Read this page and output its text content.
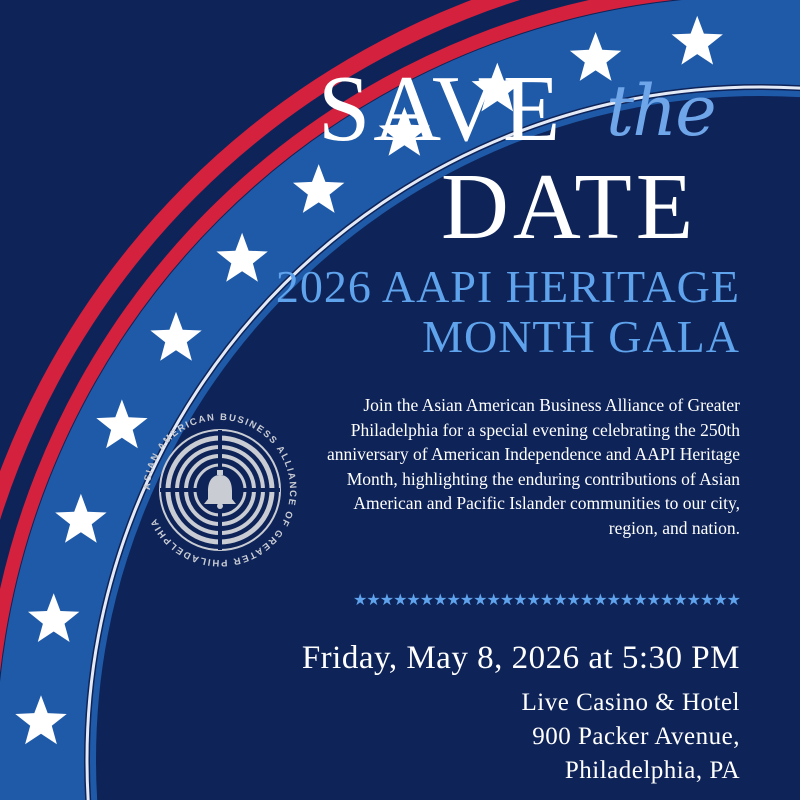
SAVE the
DATE
2026 AAPI HERITAGE
MONTH GALA
ASIAN AMERICAN BUSINESS ALLIANCE OF GREATER PHILADELPHIA
Join the Asian American Business Alliance of Greater Philadelphia for a special evening celebrating the 250th anniversary of American Independence and AAPI Heritage Month, highlighting the enduring contributions of Asian American and Pacific Islander communities to our city, region, and nation.
★★★★★★★★★★★★★★★★★★★★★★★★★★★★★
Friday, May 8, 2026 at 5:30 PM
Live Casino & Hotel
900 Packer Avenue,
Philadelphia, PA
